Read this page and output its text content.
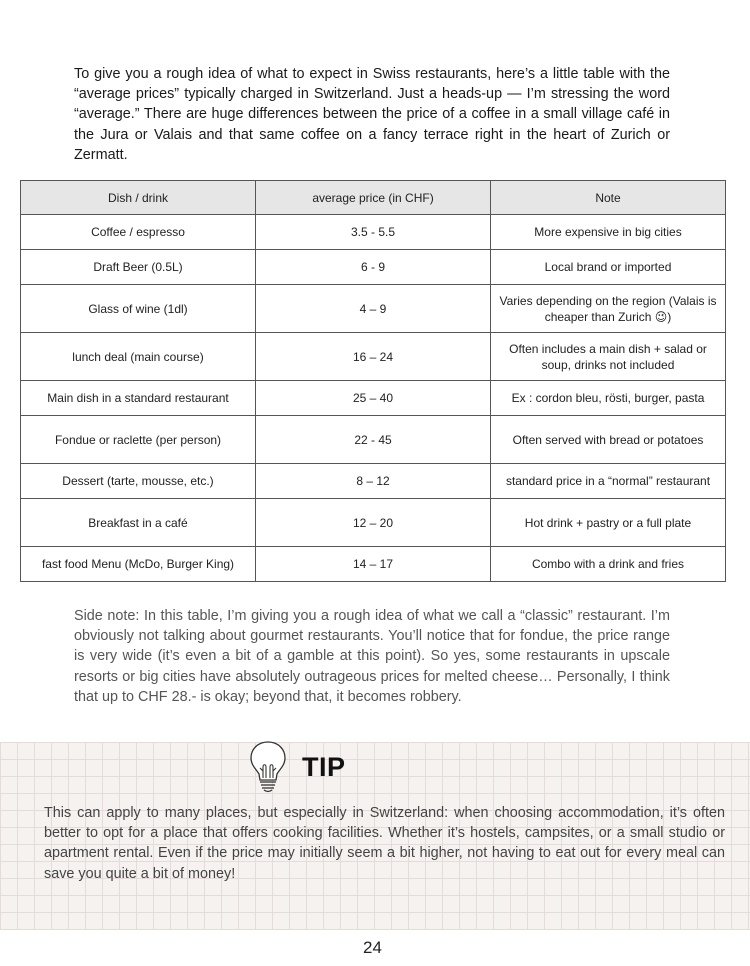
To give you a rough idea of what to expect in Swiss restaurants, here’s a little table with the “average prices” typically charged in Switzerland. Just a heads-up — I’m stressing the word “average.” There are huge differences between the price of a coffee in a small village café in the Jura or Valais and that same coffee on a fancy terrace right in the heart of Zurich or Zermatt.

Dish / drink	average price (in CHF)	Note
Coffee / espresso	3.5 - 5.5	More expensive in big cities
Draft Beer (0.5L)	6 - 9	Local brand or imported
Glass of wine (1dl)	4 – 9	Varies depending on the region (Valais is cheaper than Zurich 😉)
lunch deal (main course)	16 – 24	Often includes a main dish + salad or soup, drinks not included
Main dish in a standard restaurant	25 – 40	Ex : cordon bleu, rösti, burger, pasta
Fondue or raclette (per person)	22 - 45	Often served with bread or potatoes
Dessert (tarte, mousse, etc.)	8 – 12	standard price in a “normal” restaurant
Breakfast in a café	12 – 20	Hot drink + pastry or a full plate
fast food Menu (McDo, Burger King)	14 – 17	Combo with a drink and fries

Side note: In this table, I’m giving you a rough idea of what we call a “classic” restaurant. I’m obviously not talking about gourmet restaurants. You’ll notice that for fondue, the price range is very wide (it’s even a bit of a gamble at this point). So yes, some restaurants in upscale resorts or big cities have absolutely outrageous prices for melted cheese… Personally, I think that up to CHF 28.- is okay; beyond that, it becomes robbery.

TIP

This can apply to many places, but especially in Switzerland: when choosing accommodation, it’s often better to opt for a place that offers cooking facilities. Whether it’s hostels, campsites, or a small studio or apartment rental. Even if the price may initially seem a bit higher, not having to eat out for every meal can save you quite a bit of money!

24
